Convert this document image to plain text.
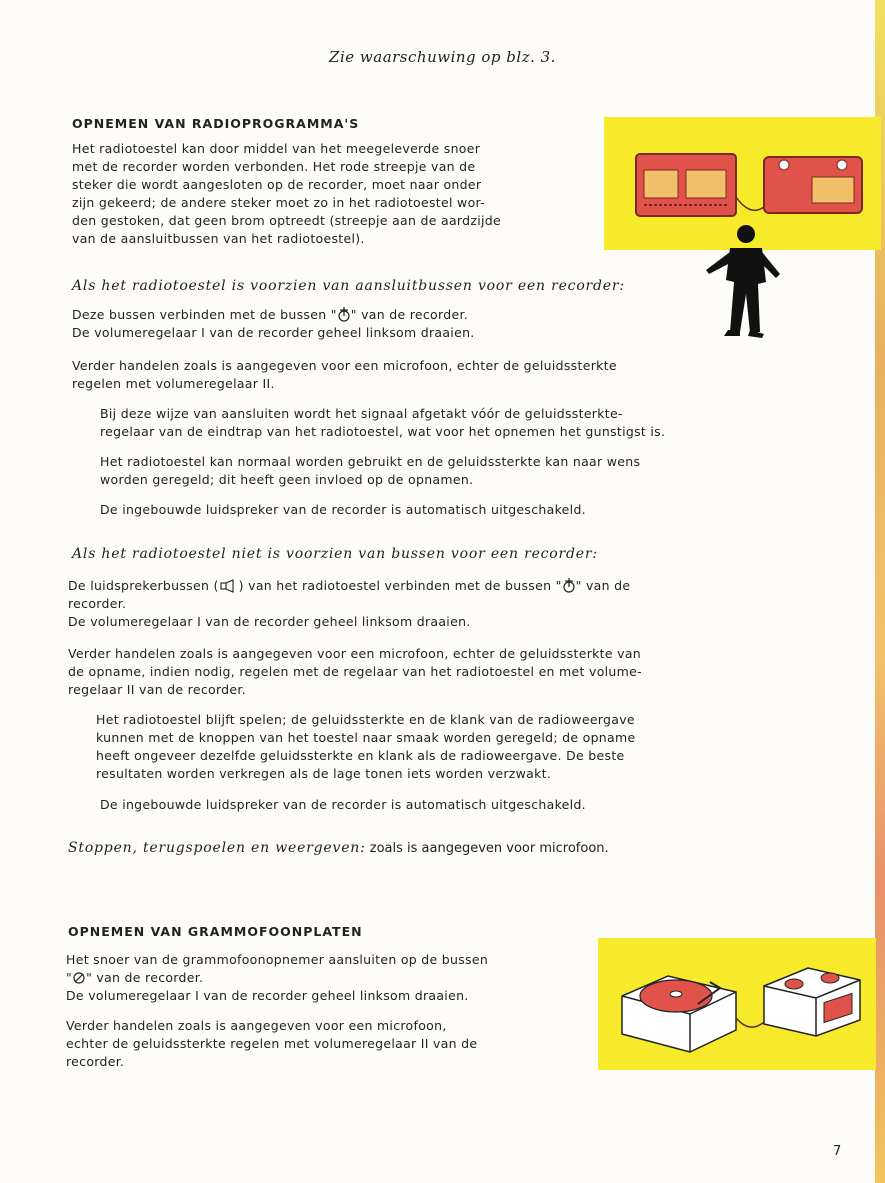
Zie waarschuwing op blz. 3.
OPNEMEN VAN RADIOPROGRAMMA'S
Het radiotoestel kan door middel van het meegeleverde snoer
met de recorder worden verbonden. Het rode streepje van de
steker die wordt aangesloten op de recorder, moet naar onder
zijn gekeerd; de andere steker moet zo in het radiotoestel wor-
den gestoken, dat geen brom optreedt (streepje aan de aardzijde
van de aansluitbussen van het radiotoestel).
Als het radiotoestel is voorzien van aansluitbussen voor een recorder:
Deze bussen verbinden met de bussen " " van de recorder.
De volumeregelaar I van de recorder geheel linksom draaien.
Verder handelen zoals is aangegeven voor een microfoon, echter de geluidssterkte
regelen met volumeregelaar II.
Bij deze wijze van aansluiten wordt het signaal afgetakt vóór de geluidssterkte-
regelaar van de eindtrap van het radiotoestel, wat voor het opnemen het gunstigst is.
Het radiotoestel kan normaal worden gebruikt en de geluidssterkte kan naar wens
worden geregeld; dit heeft geen invloed op de opnamen.
De ingebouwde luidspreker van de recorder is automatisch uitgeschakeld.
Als het radiotoestel niet is voorzien van bussen voor een recorder:
De luidsprekerbussen ( ) van het radiotoestel verbinden met de bussen " " van de
recorder.
De volumeregelaar I van de recorder geheel linksom draaien.
Verder handelen zoals is aangegeven voor een microfoon, echter de geluidssterkte van
de opname, indien nodig, regelen met de regelaar van het radiotoestel en met volume-
regelaar II van de recorder.
Het radiotoestel blijft spelen; de geluidssterkte en de klank van de radioweergave
kunnen met de knoppen van het toestel naar smaak worden geregeld; de opname
heeft ongeveer dezelfde geluidssterkte en klank als de radioweergave. De beste
resultaten worden verkregen als de lage tonen iets worden verzwakt.
De ingebouwde luidspreker van de recorder is automatisch uitgeschakeld.
Stoppen, terugspoelen en weergeven: zoals is aangegeven voor microfoon.
OPNEMEN VAN GRAMMOFOONPLATEN
Het snoer van de grammofoonopnemer aansluiten op de bussen
" " van de recorder.
De volumeregelaar I van de recorder geheel linksom draaien.
Verder handelen zoals is aangegeven voor een microfoon,
echter de geluidssterkte regelen met volumeregelaar II van de
recorder.
7
